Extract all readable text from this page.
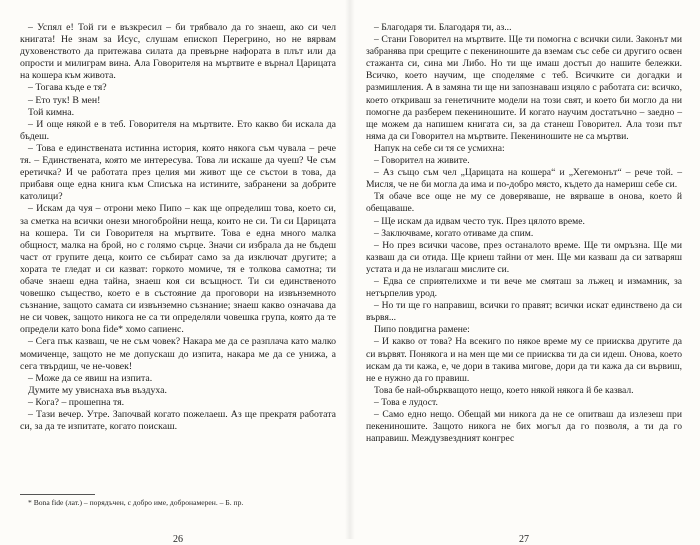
– Успял е! Той ги е възкресил – би трябвало да го знаеш, ако си чел книгата! Не знам за Исус, слушам епископ Перегрино, но не вярвам духовенството да притежава силата да превърне нафората в плът или да опрости и милиграм вина. Ала Говорителя на мъртвите е върнал Царицата на кошера към живота.

– Тогава къде е тя?

– Ето тук! В мен!

Той кимна.

– И още някой е в теб. Говорителя на мъртвите. Ето какво би искала да бъдеш.

– Това е единствената истинна история, която някога съм чувала – рече тя. – Единствената, която ме интересува. Това ли искаше да чуеш? Че съм еретичка? И че работата през целия ми живот ще се състои в това, да прибавя още една книга към Списъка на истините, забранени за добрите католици?

– Искам да чуя – отрони меко Пипо – как ще определиш това, което си, за сметка на всички онези многобройни неща, които не си. Ти си Царицата на кошера. Ти си Говорителя на мъртвите. Това е една много малка общност, малка на брой, но с голямо сърце. Значи си избрала да не бъдеш част от групите деца, които се събират само за да изключат другите; а хората те гледат и си казват: горкото момиче, тя е толкова самотна; ти обаче знаеш една тайна, знаеш коя си всъщност. Ти си единственото човешко същество, което е в състояние да проговори на извънземното съзнание, защото самата си извънземно съзнание; знаеш какво означава да не си човек, защото никога не са ти определяли човешка група, която да те определи като bona fide* хомо сапиенс.

– Сега пък казваш, че не съм човек? Накара ме да се разплача като малко момиченце, защото не ме допускаш до изпита, накара ме да се унижа, а сега твърдиш, че не-човек!

– Може да се явиш на изпита.

Думите му увиснаха във въздуха.

– Кога? – прошепна тя.

– Тази вечер. Утре. Започвай когато пожелаеш. Аз ще прекратя работата си, за да те изпитате, когато поискаш.

* Bona fide (лат.) – порядъчен, с добро име, добронамерен. – Б. пр.
26

– Благодаря ти. Благодаря ти, аз...

– Стани Говорител на мъртвите. Ще ти помогна с всички сили. Законът ми забранява при срещите с пекениношите да вземам със себе си другиго освен стажанта си, сина ми Либо. Но ти ще имаш достъп до нашите бележки. Всичко, което научим, ще споделяме с теб. Всичките си догадки и размишления. А в замяна ти ще ни запознаваш изцяло с работата си: всичко, което откриваш за генетичните модели на този свят, и което би могло да ни помогне да разберем пекениношите. И когато научим достатъчно – заедно – ще можем да напишем книгата си, за да станеш Говорител. Ала този път няма да си Говорител на мъртвите. Пекениношите не са мъртви.

Напук на себе си тя се усмихна:

– Говорител на живите.

– Аз също съм чел „Царицата на кошера“ и „Хегемонът“ – рече той. – Мисля, че не би могла да има и по-добро място, където да намериш себе си.

Тя обаче все още не му се доверяваше, не вярваше в онова, което й обещаваше.

– Ще искам да идвам често тук. През цялото време.

– Заключваме, когато отиваме да спим.

– Но през всички часове, през останалото време. Ще ти омръзна. Ще ми казваш да си отида. Ще криеш тайни от мен. Ще ми казваш да си затваряш устата и да не излагаш мислите си.

– Едва се сприятелихме и ти вече ме смяташ за лъжец и измамник, за нетърпелив урод.

– Но ти ще го направиш, всички го правят; всички искат единствено да си вървя...

Пипо повдигна рамене:

– И какво от това? На всекиго по някое време му се приисква другите да си вървят. Понякога и на мен ще ми се приисква ти да си идеш. Онова, което искам да ти кажа, е, че дори в такива мигове, дори да ти кажа да си вървиш, не е нужно да го правиш.

Това бе най-объркващото нещо, което някой някога й бе казвал.

– Това е лудост.

– Само едно нещо. Обещай ми никога да не се опитваш да излезеш при пекениношите. Защото никога не бих могъл да го позволя, а ти да го направиш. Междузвездният конгрес

27
